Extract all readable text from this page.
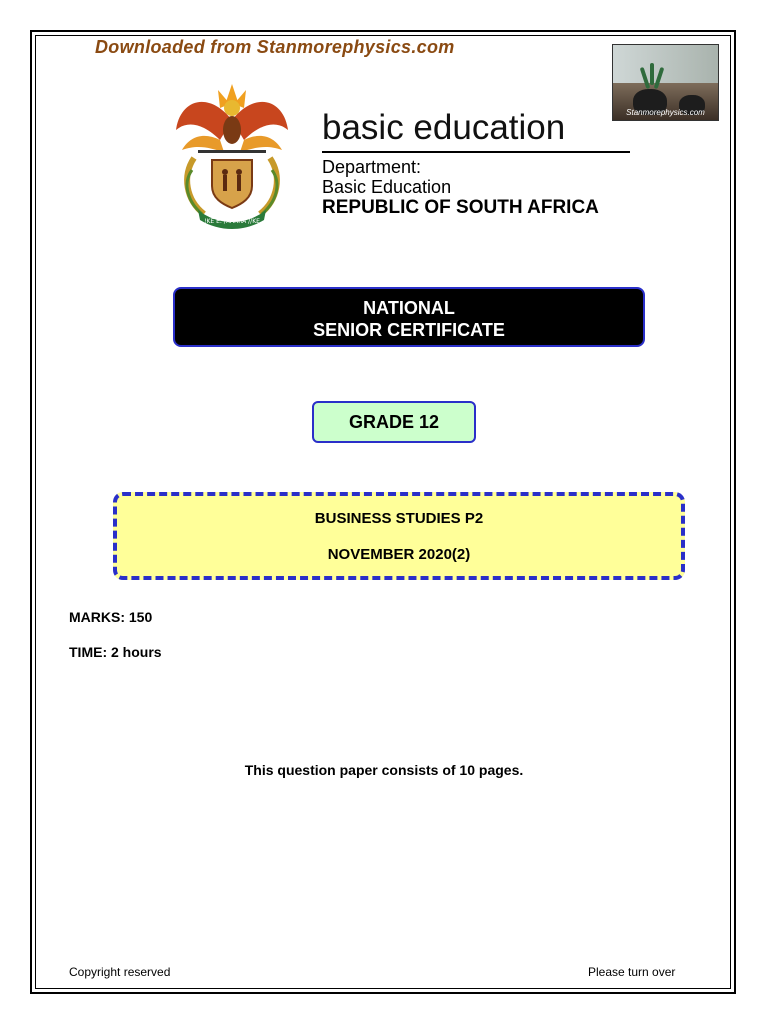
Downloaded from Stanmorephysics.com
Stanmorephysics.com
!KE E: /XARRA //KE
basic education
Department:
Basic Education
REPUBLIC OF SOUTH AFRICA
NATIONAL
SENIOR CERTIFICATE
GRADE 12
BUSINESS STUDIES P2
NOVEMBER 2020(2)
MARKS: 150
TIME: 2 hours
This question paper consists of 10 pages.
Copyright reserved	Please turn over
